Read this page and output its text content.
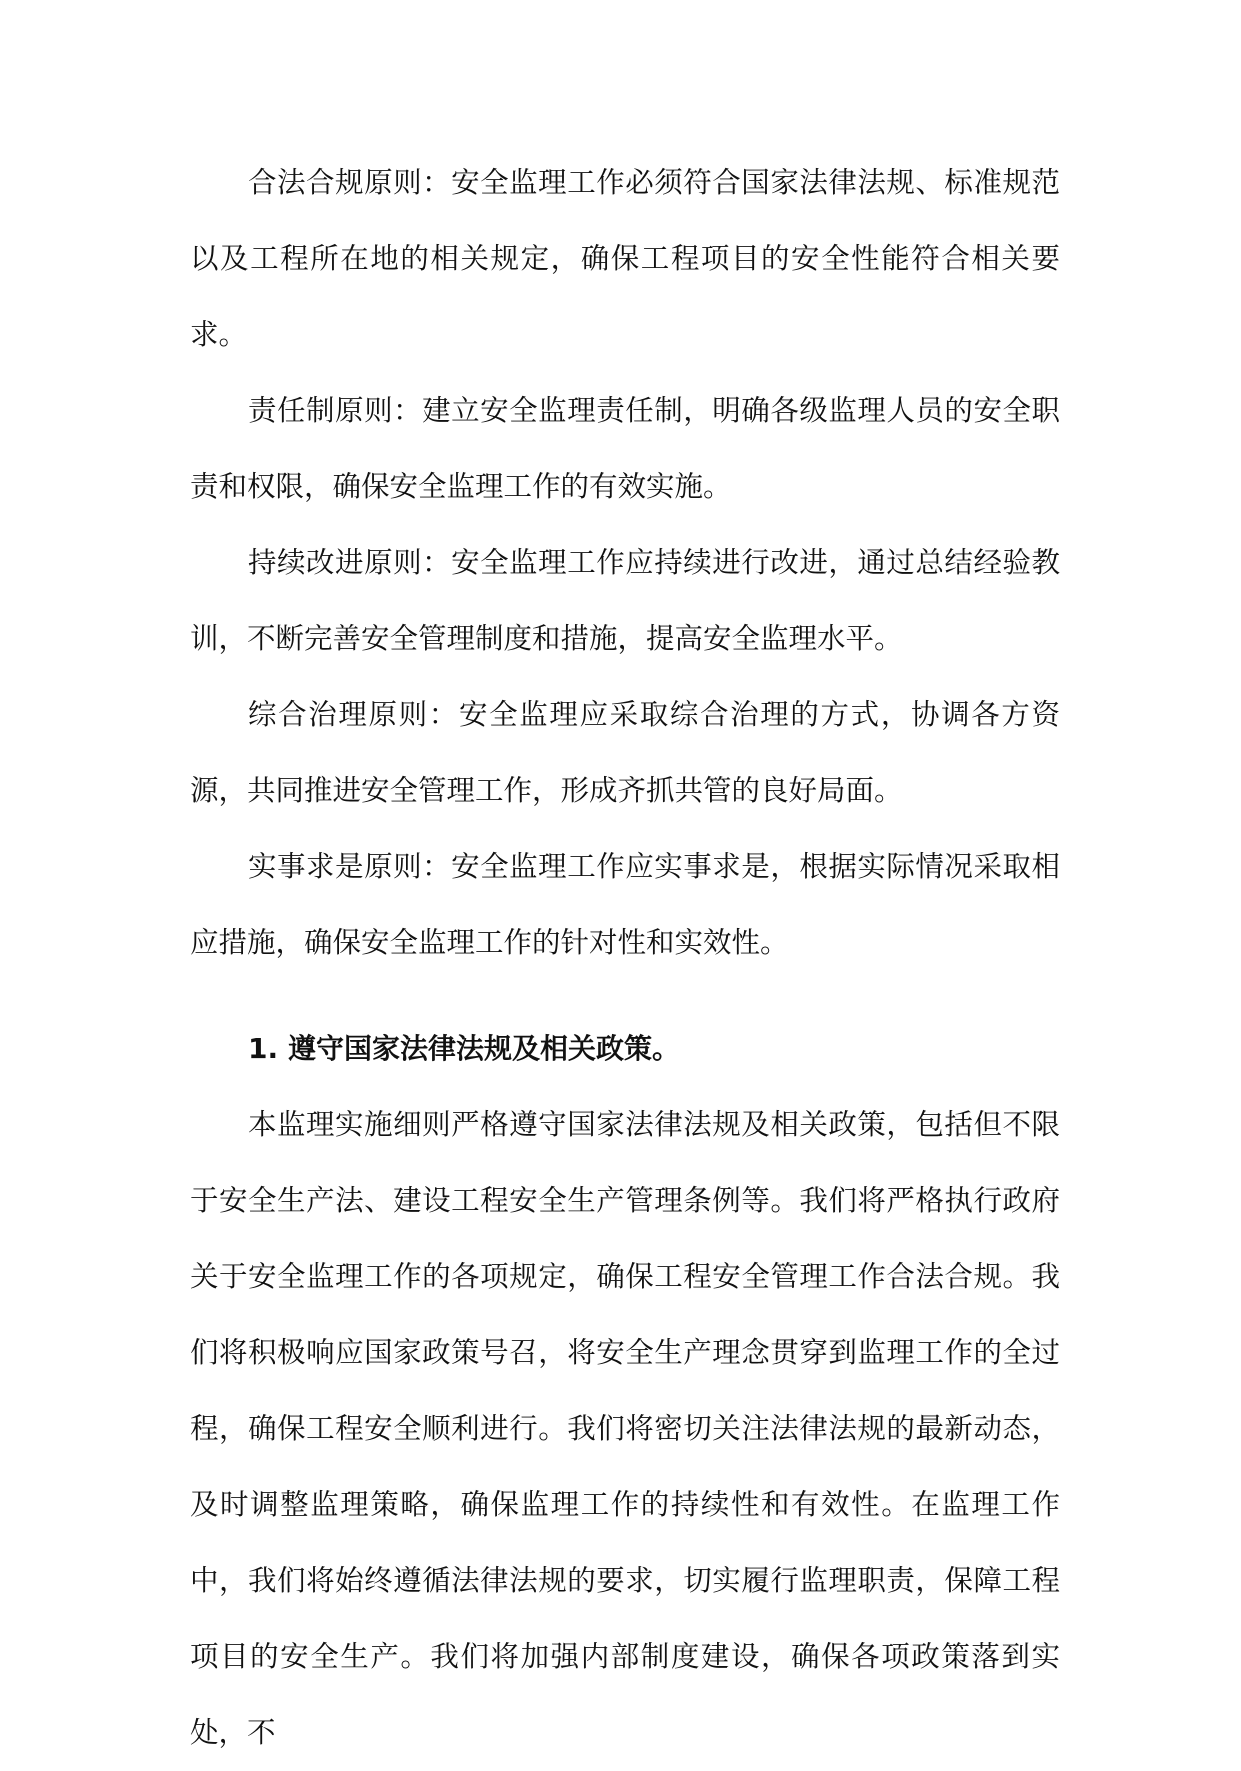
合法合规原则：安全监理工作必须符合国家法律法规、标准规范以及工程所在地的相关规定，确保工程项目的安全性能符合相关要求。

责任制原则：建立安全监理责任制，明确各级监理人员的安全职责和权限，确保安全监理工作的有效实施。

持续改进原则：安全监理工作应持续进行改进，通过总结经验教训，不断完善安全管理制度和措施，提高安全监理水平。

综合治理原则：安全监理应采取综合治理的方式，协调各方资源，共同推进安全管理工作，形成齐抓共管的良好局面。

实事求是原则：安全监理工作应实事求是，根据实际情况采取相应措施，确保安全监理工作的针对性和实效性。

1. 遵守国家法律法规及相关政策。

本监理实施细则严格遵守国家法律法规及相关政策，包括但不限于安全生产法、建设工程安全生产管理条例等。我们将严格执行政府关于安全监理工作的各项规定，确保工程安全管理工作合法合规。我们将积极响应国家政策号召，将安全生产理念贯穿到监理工作的全过程，确保工程安全顺利进行。我们将密切关注法律法规的最新动态，及时调整监理策略，确保监理工作的持续性和有效性。在监理工作中，我们将始终遵循法律法规的要求，切实履行监理职责，保障工程项目的安全生产。我们将加强内部制度建设，确保各项政策落到实处，不
